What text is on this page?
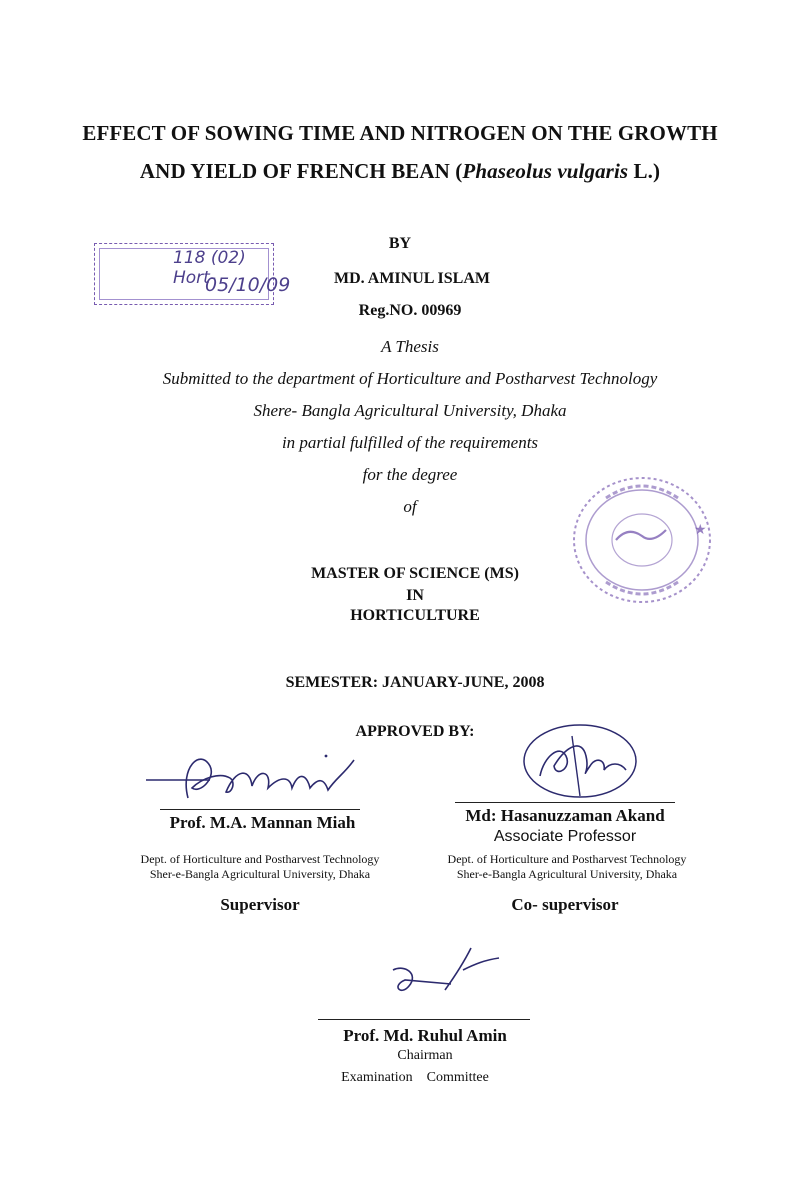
EFFECT OF SOWING TIME AND NITROGEN ON THE GROWTH
AND YIELD OF FRENCH BEAN (Phaseolus vulgaris L.)
118 (02) Hort-
05/10/09
BY
MD. AMINUL ISLAM
Reg.NO. 00969
A Thesis
Submitted to the department of Horticulture and Postharvest Technology
Shere- Bangla Agricultural University, Dhaka
in partial fulfilled of the requirements
for the degree
of
★
MASTER OF SCIENCE (MS)
IN
HORTICULTURE
SEMESTER: JANUARY-JUNE, 2008
APPROVED BY:
Prof. M.A. Mannan Miah
Dept. of Horticulture and Postharvest Technology
Sher-e-Bangla Agricultural University, Dhaka
Supervisor
Md: Hasanuzzaman Akand
Associate Professor
Dept. of Horticulture and Postharvest Technology
Sher-e-Bangla Agricultural University, Dhaka
Co- supervisor
Prof. Md. Ruhul Amin
Chairman
Examination    Committee
